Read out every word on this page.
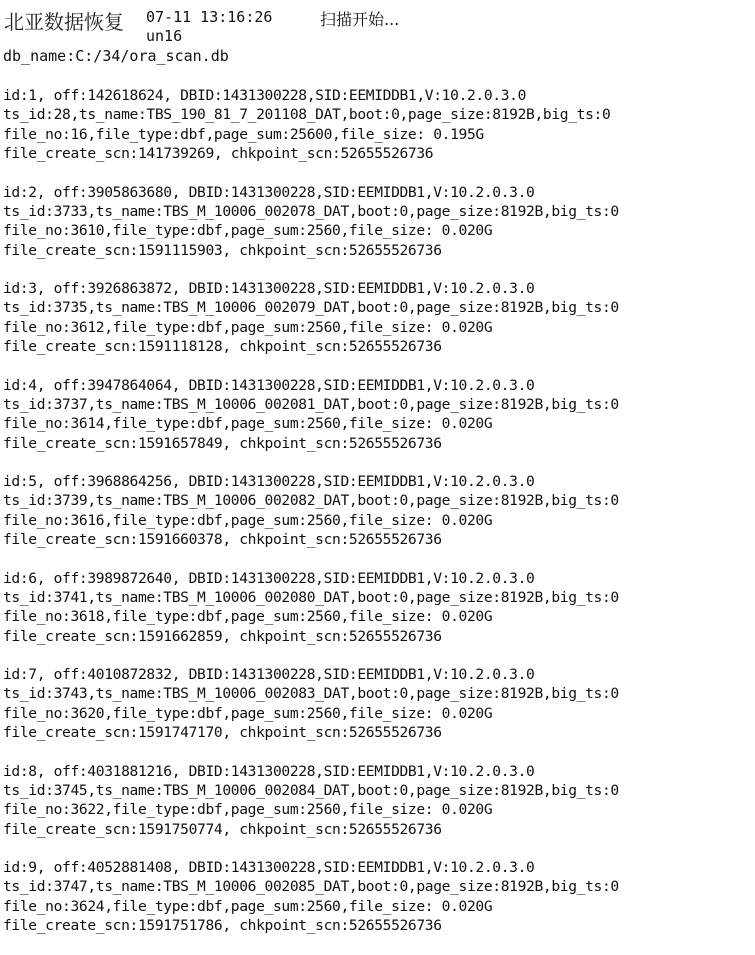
北亚数据恢复 07-11 13:16:26	扫描开始...
un16
db_name:C:/34/ora_scan.db
id:1, off:142618624, DBID:1431300228,SID:EEMIDDB1,V:10.2.0.3.0
ts_id:28,ts_name:TBS_190_81_7_201108_DAT,boot:0,page_size:8192B,big_ts:0
file_no:16,file_type:dbf,page_sum:25600,file_size: 0.195G
file_create_scn:141739269, chkpoint_scn:52655526736
id:2, off:3905863680, DBID:1431300228,SID:EEMIDDB1,V:10.2.0.3.0
ts_id:3733,ts_name:TBS_M_10006_002078_DAT,boot:0,page_size:8192B,big_ts:0
file_no:3610,file_type:dbf,page_sum:2560,file_size: 0.020G
file_create_scn:1591115903, chkpoint_scn:52655526736
id:3, off:3926863872, DBID:1431300228,SID:EEMIDDB1,V:10.2.0.3.0
ts_id:3735,ts_name:TBS_M_10006_002079_DAT,boot:0,page_size:8192B,big_ts:0
file_no:3612,file_type:dbf,page_sum:2560,file_size: 0.020G
file_create_scn:1591118128, chkpoint_scn:52655526736
id:4, off:3947864064, DBID:1431300228,SID:EEMIDDB1,V:10.2.0.3.0
ts_id:3737,ts_name:TBS_M_10006_002081_DAT,boot:0,page_size:8192B,big_ts:0
file_no:3614,file_type:dbf,page_sum:2560,file_size: 0.020G
file_create_scn:1591657849, chkpoint_scn:52655526736
id:5, off:3968864256, DBID:1431300228,SID:EEMIDDB1,V:10.2.0.3.0
ts_id:3739,ts_name:TBS_M_10006_002082_DAT,boot:0,page_size:8192B,big_ts:0
file_no:3616,file_type:dbf,page_sum:2560,file_size: 0.020G
file_create_scn:1591660378, chkpoint_scn:52655526736
id:6, off:3989872640, DBID:1431300228,SID:EEMIDDB1,V:10.2.0.3.0
ts_id:3741,ts_name:TBS_M_10006_002080_DAT,boot:0,page_size:8192B,big_ts:0
file_no:3618,file_type:dbf,page_sum:2560,file_size: 0.020G
file_create_scn:1591662859, chkpoint_scn:52655526736
id:7, off:4010872832, DBID:1431300228,SID:EEMIDDB1,V:10.2.0.3.0
ts_id:3743,ts_name:TBS_M_10006_002083_DAT,boot:0,page_size:8192B,big_ts:0
file_no:3620,file_type:dbf,page_sum:2560,file_size: 0.020G
file_create_scn:1591747170, chkpoint_scn:52655526736
id:8, off:4031881216, DBID:1431300228,SID:EEMIDDB1,V:10.2.0.3.0
ts_id:3745,ts_name:TBS_M_10006_002084_DAT,boot:0,page_size:8192B,big_ts:0
file_no:3622,file_type:dbf,page_sum:2560,file_size: 0.020G
file_create_scn:1591750774, chkpoint_scn:52655526736
id:9, off:4052881408, DBID:1431300228,SID:EEMIDDB1,V:10.2.0.3.0
ts_id:3747,ts_name:TBS_M_10006_002085_DAT,boot:0,page_size:8192B,big_ts:0
file_no:3624,file_type:dbf,page_sum:2560,file_size: 0.020G
file_create_scn:1591751786, chkpoint_scn:52655526736
